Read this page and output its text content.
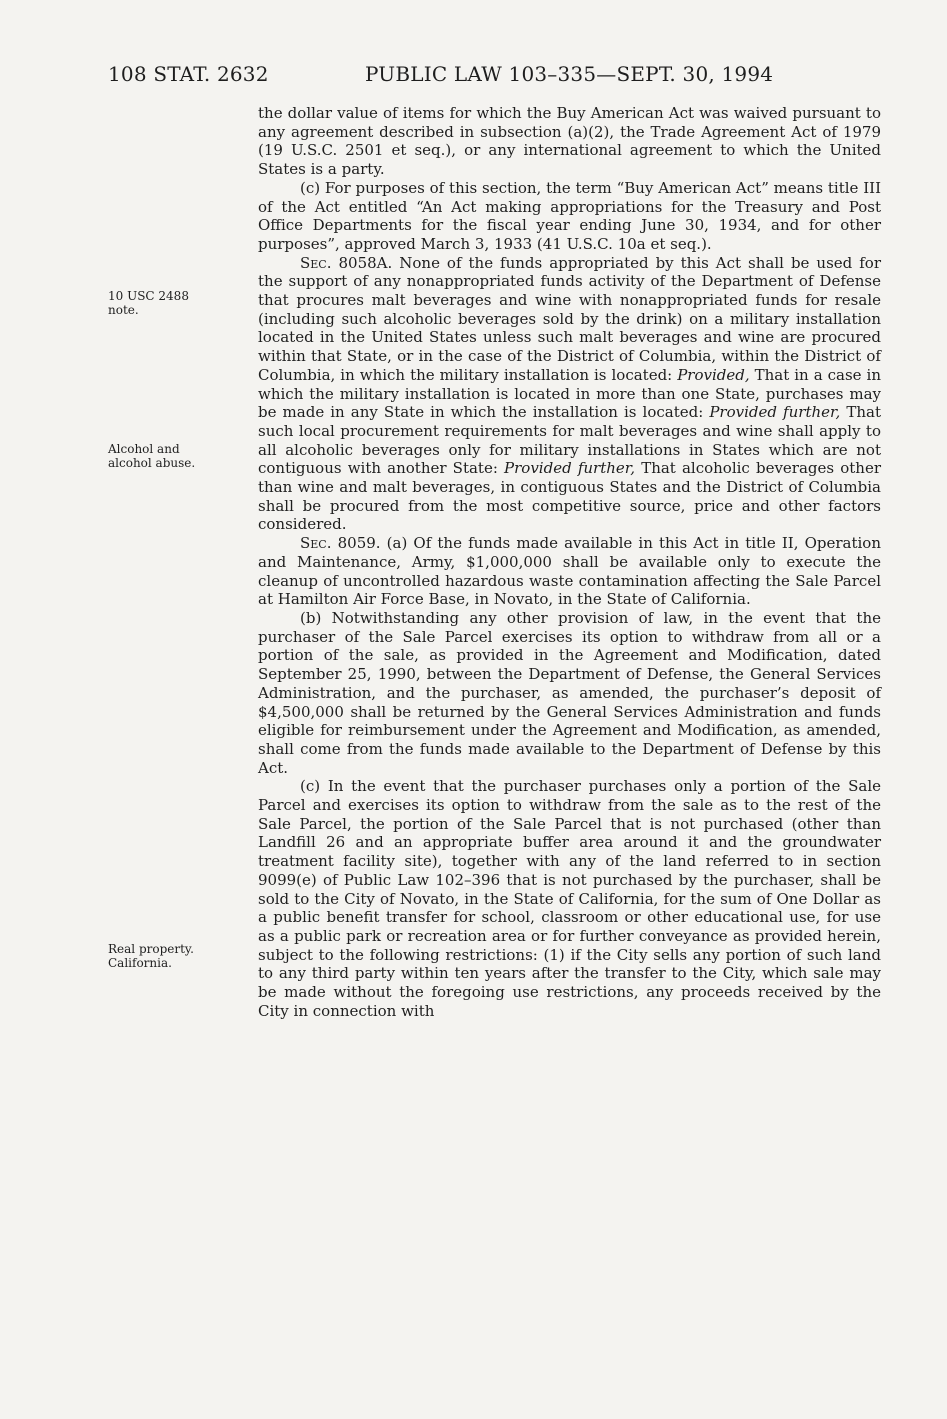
108 STAT. 2632	PUBLIC LAW 103–335—SEPT. 30, 1994
10 USC 2488
note.
Alcohol and
alcohol abuse.
Real property.
California.

the dollar value of items for which the Buy American Act was waived pursuant to any agreement described in subsection (a)(2), the Trade Agreement Act of 1979 (19 U.S.C. 2501 et seq.), or any international agreement to which the United States is a party.

(c) For purposes of this section, the term “Buy American Act” means title III of the Act entitled “An Act making appropriations for the Treasury and Post Office Departments for the fiscal year ending June 30, 1934, and for other purposes”, approved March 3, 1933 (41 U.S.C. 10a et seq.).

Sec. 8058A. None of the funds appropriated by this Act shall be used for the support of any nonappropriated funds activity of the Department of Defense that procures malt beverages and wine with nonappropriated funds for resale (including such alcoholic beverages sold by the drink) on a military installation located in the United States unless such malt beverages and wine are procured within that State, or in the case of the District of Columbia, within the District of Columbia, in which the military installation is located: Provided, That in a case in which the military installation is located in more than one State, purchases may be made in any State in which the installation is located: Provided further, That such local procurement requirements for malt beverages and wine shall apply to all alcoholic beverages only for military installations in States which are not contiguous with another State: Provided further, That alcoholic beverages other than wine and malt beverages, in contiguous States and the District of Columbia shall be procured from the most competitive source, price and other factors considered.

Sec. 8059. (a) Of the funds made available in this Act in title II, Operation and Maintenance, Army, $1,000,000 shall be available only to execute the cleanup of uncontrolled hazardous waste contamination affecting the Sale Parcel at Hamilton Air Force Base, in Novato, in the State of California.

(b) Notwithstanding any other provision of law, in the event that the purchaser of the Sale Parcel exercises its option to withdraw from all or a portion of the sale, as provided in the Agreement and Modification, dated September 25, 1990, between the Department of Defense, the General Services Administration, and the purchaser, as amended, the purchaser’s deposit of $4,500,000 shall be returned by the General Services Administration and funds eligible for reimbursement under the Agreement and Modification, as amended, shall come from the funds made available to the Department of Defense by this Act.

(c) In the event that the purchaser purchases only a portion of the Sale Parcel and exercises its option to withdraw from the sale as to the rest of the Sale Parcel, the portion of the Sale Parcel that is not purchased (other than Landfill 26 and an appropriate buffer area around it and the groundwater treatment facility site), together with any of the land referred to in section 9099(e) of Public Law 102–396 that is not purchased by the purchaser, shall be sold to the City of Novato, in the State of California, for the sum of One Dollar as a public benefit transfer for school, classroom or other educational use, for use as a public park or recreation area or for further conveyance as provided herein, subject to the following restrictions: (1) if the City sells any portion of such land to any third party within ten years after the transfer to the City, which sale may be made without the foregoing use restrictions, any proceeds received by the City in connection with
